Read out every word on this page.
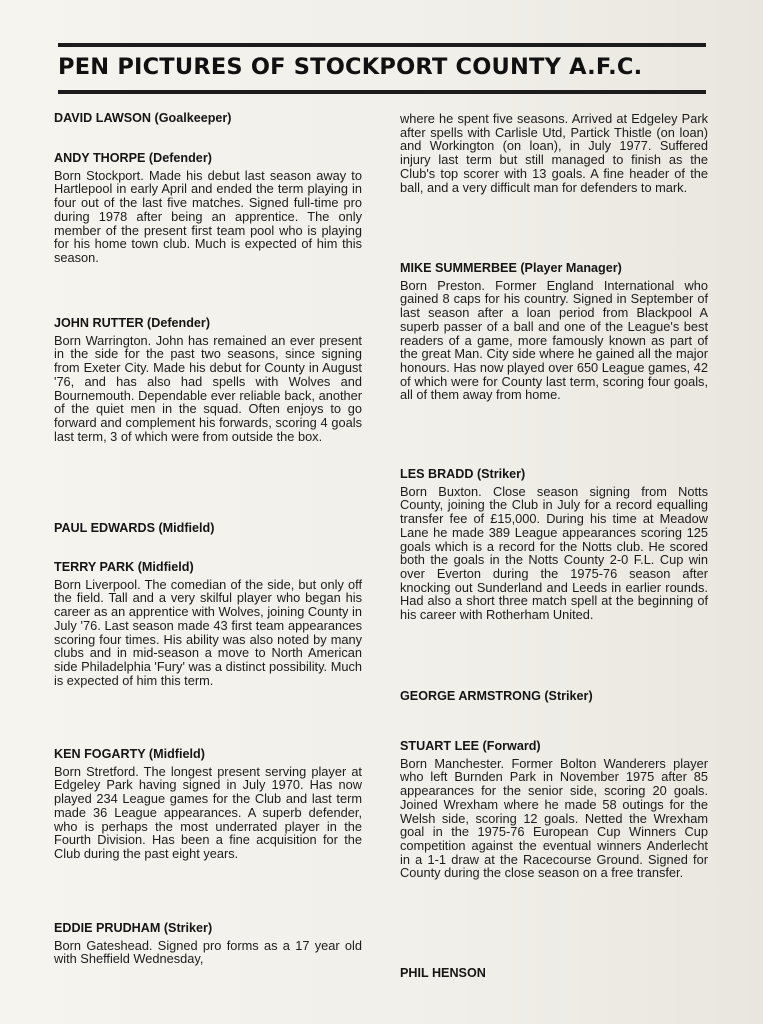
PEN PICTURES OF STOCKPORT COUNTY A.F.C.

DAVID LAWSON (Goalkeeper)

ANDY THORPE (Defender)

Born Stockport. Made his debut last season away to Hartlepool in early April and ended the term playing in four out of the last five matches. Signed full-time pro during 1978 after being an apprentice. The only member of the present first team pool who is playing for his home town club. Much is expected of him this season.

JOHN RUTTER (Defender)

Born Warrington. John has remained an ever present in the side for the past two seasons, since signing from Exeter City. Made his debut for County in August '76, and has also had spells with Wolves and Bournemouth. Dependable ever reliable back, another of the quiet men in the squad. Often enjoys to go forward and complement his forwards, scoring 4 goals last term, 3 of which were from outside the box.

PAUL EDWARDS (Midfield)

TERRY PARK (Midfield)

Born Liverpool. The comedian of the side, but only off the field. Tall and a very skilful player who began his career as an apprentice with Wolves, joining County in July '76. Last season made 43 first team appearances scoring four times. His ability was also noted by many clubs and in mid-season a move to North American side Philadelphia 'Fury' was a distinct possibility. Much is expected of him this term.

KEN FOGARTY (Midfield)

Born Stretford. The longest present serving player at Edgeley Park having signed in July 1970. Has now played 234 League games for the Club and last term made 36 League appearances. A superb defender, who is perhaps the most underrated player in the Fourth Division. Has been a fine acquisition for the Club during the past eight years.

EDDIE PRUDHAM (Striker)

Born Gateshead. Signed pro forms as a 17 year old with Sheffield Wednesday,

where he spent five seasons. Arrived at Edgeley Park after spells with Carlisle Utd, Partick Thistle (on loan) and Workington (on loan), in July 1977. Suffered injury last term but still managed to finish as the Club's top scorer with 13 goals. A fine header of the ball, and a very difficult man for defenders to mark.

MIKE SUMMERBEE (Player Manager)

Born Preston. Former England International who gained 8 caps for his country. Signed in September of last season after a loan period from Blackpool A superb passer of a ball and one of the League's best readers of a game, more famously known as part of the great Man. City side where he gained all the major honours. Has now played over 650 League games, 42 of which were for County last term, scoring four goals, all of them away from home.

LES BRADD (Striker)

Born Buxton. Close season signing from Notts County, joining the Club in July for a record equalling transfer fee of £15,000. During his time at Meadow Lane he made 389 League appearances scoring 125 goals which is a record for the Notts club. He scored both the goals in the Notts County 2-0 F.L. Cup win over Everton during the 1975-76 season after knocking out Sunderland and Leeds in earlier rounds. Had also a short three match spell at the beginning of his career with Rotherham United.

GEORGE ARMSTRONG (Striker)

STUART LEE (Forward)

Born Manchester. Former Bolton Wanderers player who left Burnden Park in November 1975 after 85 appearances for the senior side, scoring 20 goals. Joined Wrexham where he made 58 outings for the Welsh side, scoring 12 goals. Netted the Wrexham goal in the 1975-76 European Cup Winners Cup competition against the eventual winners Anderlecht in a 1-1 draw at the Racecourse Ground. Signed for County during the close season on a free transfer.

PHIL HENSON
